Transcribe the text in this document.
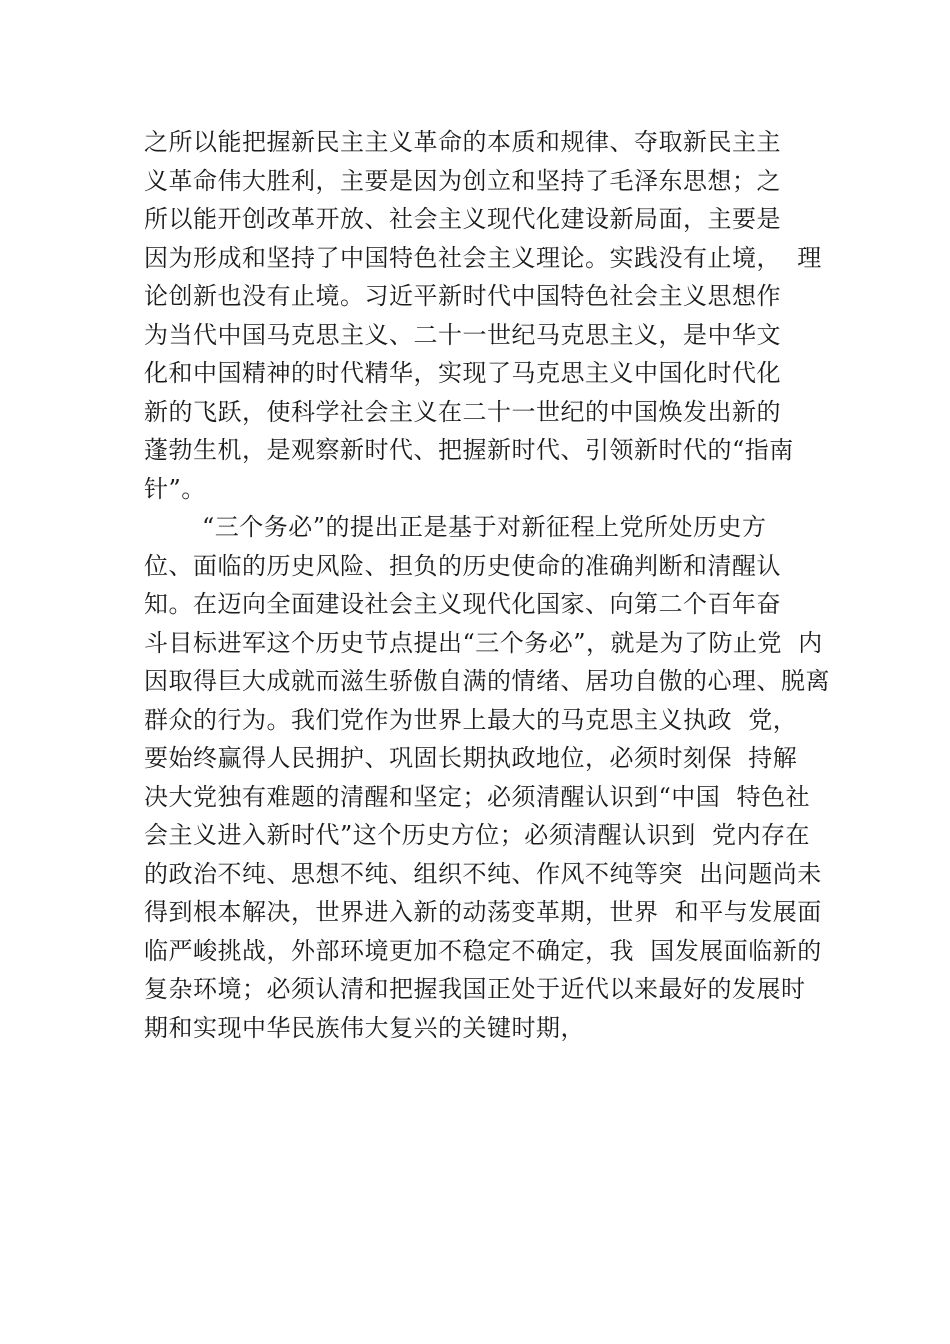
之所以能把握新民主主义革命的本质和规律、夺取新民主主
义革命伟大胜利，主要是因为创立和坚持了毛泽东思想；之
所以能开创改革开放、社会主义现代化建设新局面，主要是
因为形成和坚持了中国特色社会主义理论。实践没有止境，  理
论创新也没有止境。习近平新时代中国特色社会主义思想作
为当代中国马克思主义、二十一世纪马克思主义，是中华文
化和中国精神的时代精华，实现了马克思主义中国化时代化
新的飞跃，使科学社会主义在二十一世纪的中国焕发出新的
蓬勃生机，是观察新时代、把握新时代、引领新时代的“指南
针”。
“三个务必”的提出正是基于对新征程上党所处历史方
位、面临的历史风险、担负的历史使命的准确判断和清醒认
知。在迈向全面建设社会主义现代化国家、向第二个百年奋
斗目标进军这个历史节点提出“三个务必”，就是为了防止党  内
因取得巨大成就而滋生骄傲自满的情绪、居功自傲的心理、脱离
群众的行为。我们党作为世界上最大的马克思主义执政  党，
要始终赢得人民拥护、巩固长期执政地位，必须时刻保  持解
决大党独有难题的清醒和坚定；必须清醒认识到“中国  特色社
会主义进入新时代”这个历史方位；必须清醒认识到  党内存在
的政治不纯、思想不纯、组织不纯、作风不纯等突  出问题尚未
得到根本解决，世界进入新的动荡变革期，世界  和平与发展面
临严峻挑战，外部环境更加不稳定不确定，我  国发展面临新的
复杂环境；必须认清和把握我国正处于近代以来最好的发展时
期和实现中华民族伟大复兴的关键时期，
